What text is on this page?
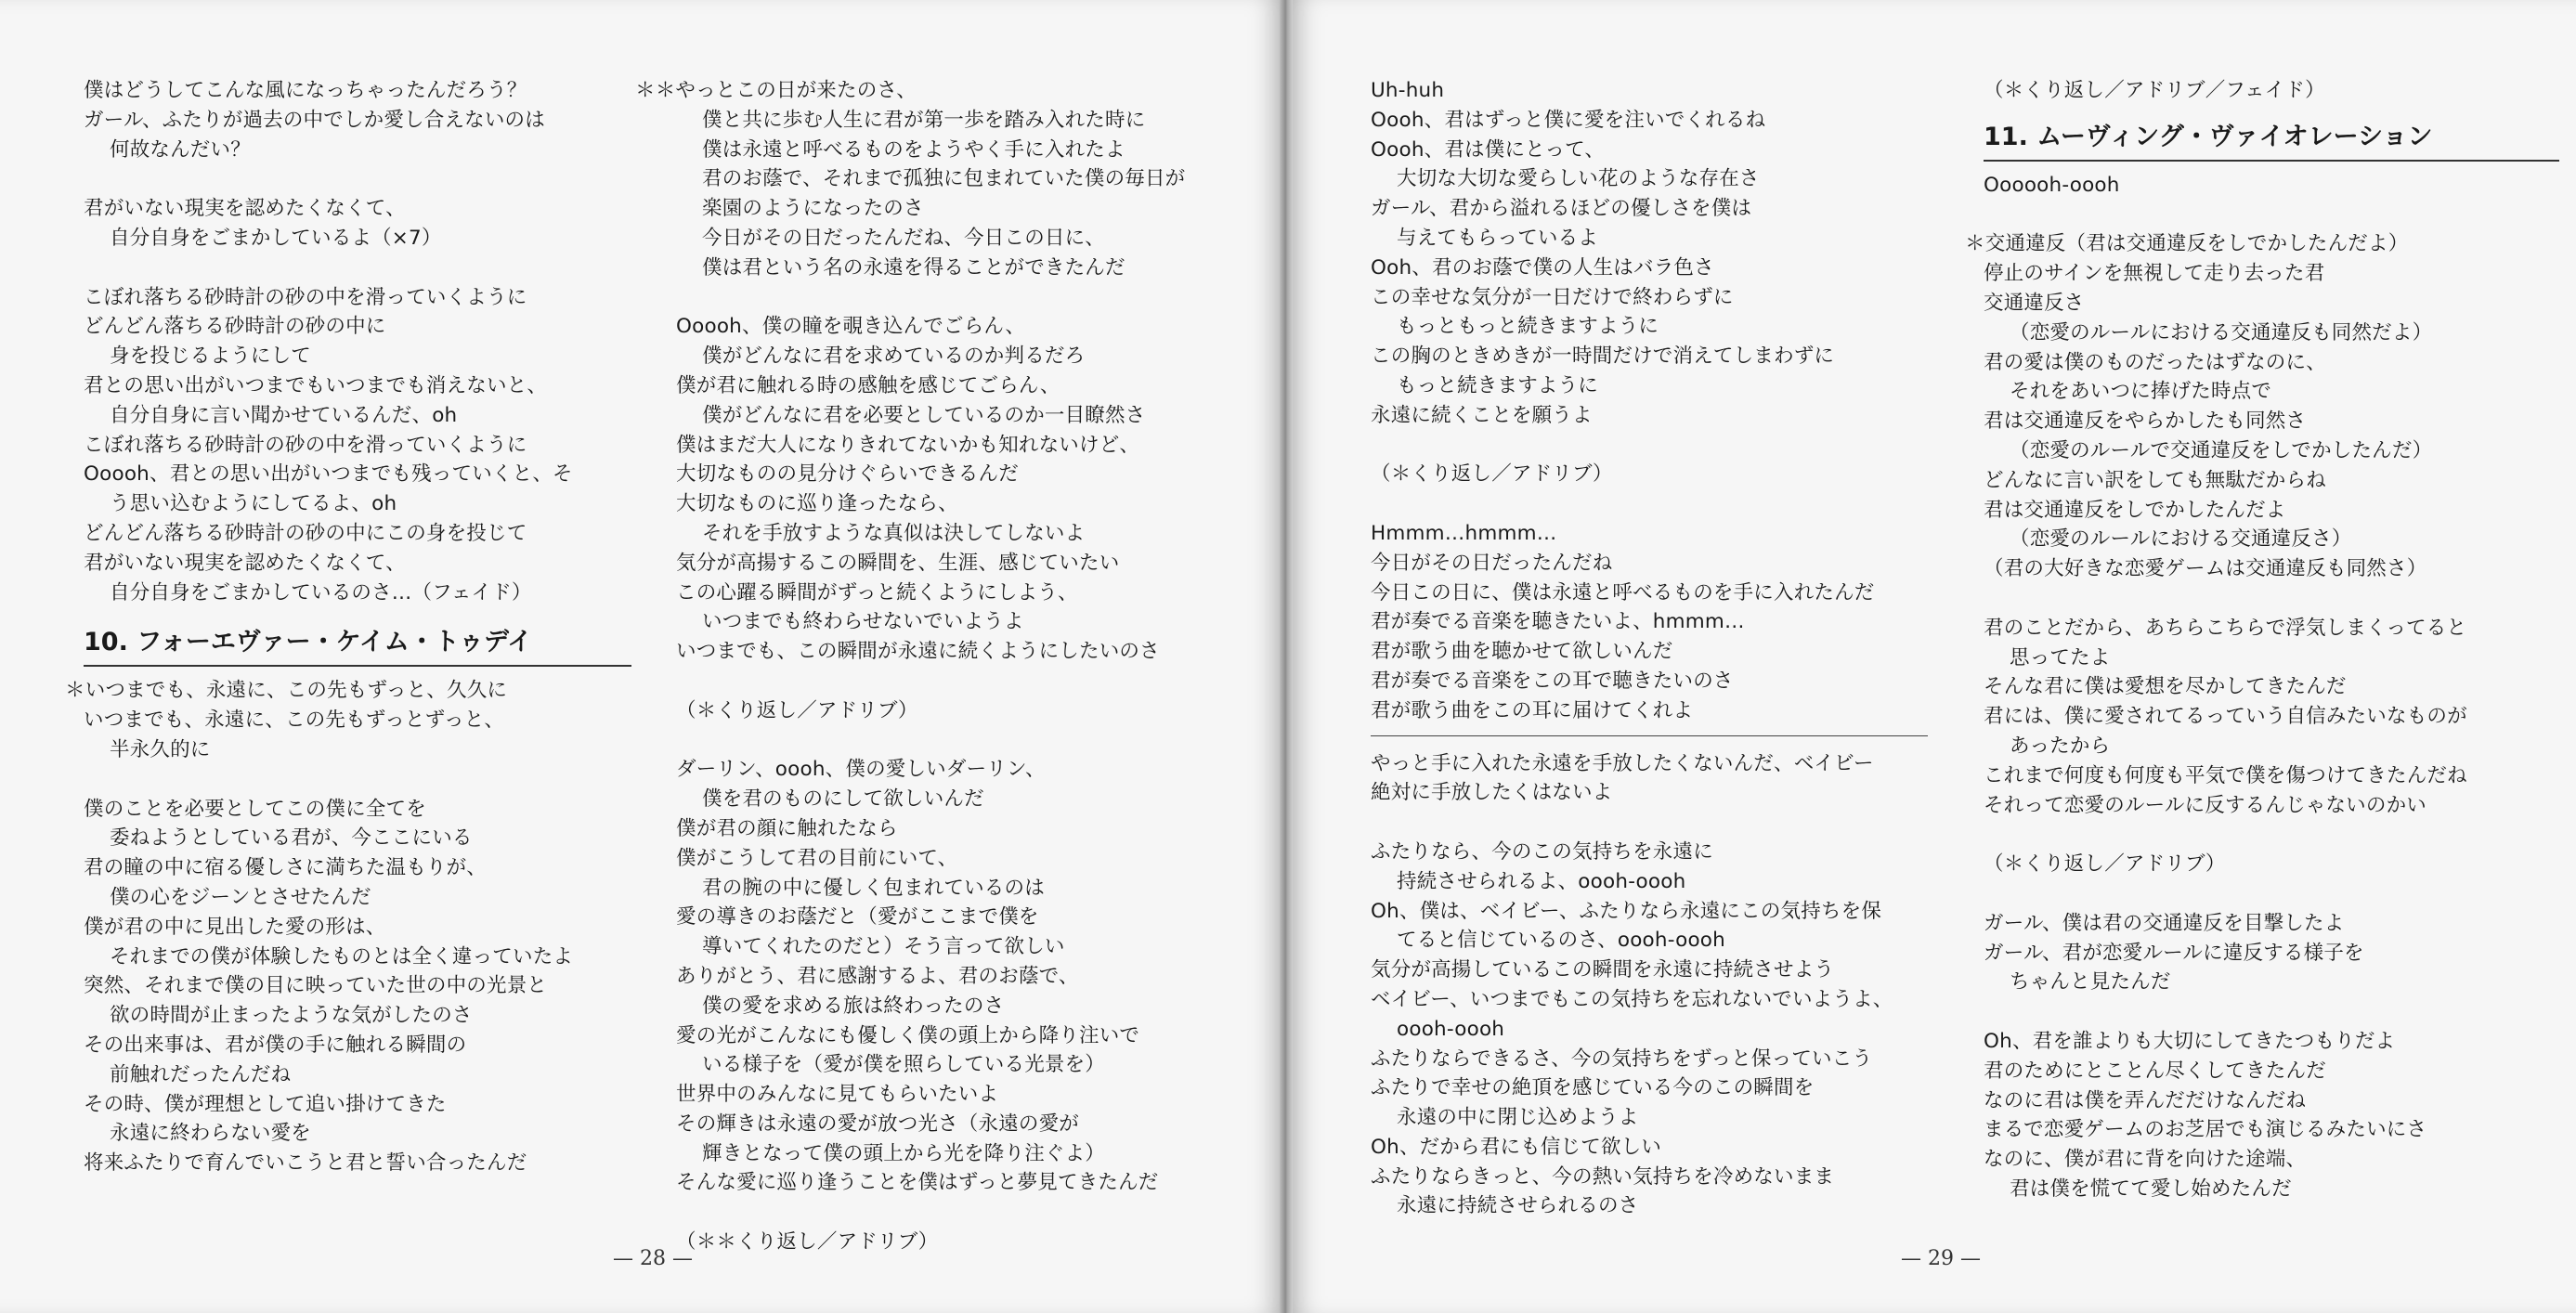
僕はどうしてこんな風になっちゃったんだろう？
ガール、ふたりが過去の中でしか愛し合えないのは
何故なんだい？
君がいない現実を認めたくなくて、
自分自身をごまかしているよ（×7）
こぼれ落ちる砂時計の砂の中を滑っていくように
どんどん落ちる砂時計の砂の中に
身を投じるようにして
君との思い出がいつまでもいつまでも消えないと、
自分自身に言い聞かせているんだ、oh
こぼれ落ちる砂時計の砂の中を滑っていくように
Ooooh、君との思い出がいつまでも残っていくと、そ
う思い込むようにしてるよ、oh
どんどん落ちる砂時計の砂の中にこの身を投じて
君がいない現実を認めたくなくて、
自分自身をごまかしているのさ…（フェイド）
10. フォーエヴァー・ケイム・トゥデイ
＊いつまでも、永遠に、この先もずっと、久久に
いつまでも、永遠に、この先もずっとずっと、
半永久的に
僕のことを必要としてこの僕に全てを
委ねようとしている君が、今ここにいる
君の瞳の中に宿る優しさに満ちた温もりが、
僕の心をジーンとさせたんだ
僕が君の中に見出した愛の形は、
それまでの僕が体験したものとは全く違っていたよ
突然、それまで僕の目に映っていた世の中の光景と
欲の時間が止まったような気がしたのさ
その出来事は、君が僕の手に触れる瞬間の
前触れだったんだね
その時、僕が理想として追い掛けてきた
永遠に終わらない愛を
将来ふたりで育んでいこうと君と誓い合ったんだ
＊＊やっとこの日が来たのさ、
僕と共に歩む人生に君が第一歩を踏み入れた時に
僕は永遠と呼べるものをようやく手に入れたよ
君のお蔭で、それまで孤独に包まれていた僕の毎日が
楽園のようになったのさ
今日がその日だったんだね、今日この日に、
僕は君という名の永遠を得ることができたんだ
Ooooh、僕の瞳を覗き込んでごらん、
僕がどんなに君を求めているのか判るだろ
僕が君に触れる時の感触を感じてごらん、
僕がどんなに君を必要としているのか一目瞭然さ
僕はまだ大人になりきれてないかも知れないけど、
大切なものの見分けぐらいできるんだ
大切なものに巡り逢ったなら、
それを手放すような真似は決してしないよ
気分が高揚するこの瞬間を、生涯、感じていたい
この心躍る瞬間がずっと続くようにしよう、
いつまでも終わらせないでいようよ
いつまでも、この瞬間が永遠に続くようにしたいのさ
（＊くり返し／アドリブ）
ダーリン、oooh、僕の愛しいダーリン、
僕を君のものにして欲しいんだ
僕が君の顔に触れたなら
僕がこうして君の目前にいて、
君の腕の中に優しく包まれているのは
愛の導きのお蔭だと（愛がここまで僕を
導いてくれたのだと）そう言って欲しい
ありがとう、君に感謝するよ、君のお蔭で、
僕の愛を求める旅は終わったのさ
愛の光がこんなにも優しく僕の頭上から降り注いで
いる様子を（愛が僕を照らしている光景を）
世界中のみんなに見てもらいたいよ
その輝きは永遠の愛が放つ光さ（永遠の愛が
輝きとなって僕の頭上から光を降り注ぐよ）
そんな愛に巡り逢うことを僕はずっと夢見てきたんだ
（＊＊くり返し／アドリブ）
— 28 —
Uh-huh
Oooh、君はずっと僕に愛を注いでくれるね
Oooh、君は僕にとって、
大切な大切な愛らしい花のような存在さ
ガール、君から溢れるほどの優しさを僕は
与えてもらっているよ
Ooh、君のお蔭で僕の人生はバラ色さ
この幸せな気分が一日だけで終わらずに
もっともっと続きますように
この胸のときめきが一時間だけで消えてしまわずに
もっと続きますように
永遠に続くことを願うよ
（＊くり返し／アドリブ）
Hmmm…hmmm…
今日がその日だったんだね
今日この日に、僕は永遠と呼べるものを手に入れたんだ
君が奏でる音楽を聴きたいよ、hmmm…
君が歌う曲を聴かせて欲しいんだ
君が奏でる音楽をこの耳で聴きたいのさ
君が歌う曲をこの耳に届けてくれよ
やっと手に入れた永遠を手放したくないんだ、ベイビー
絶対に手放したくはないよ
ふたりなら、今のこの気持ちを永遠に
持続させられるよ、oooh-oooh
Oh、僕は、ベイビー、ふたりなら永遠にこの気持ちを保
てると信じているのさ、oooh-oooh
気分が高揚しているこの瞬間を永遠に持続させよう
ベイビー、いつまでもこの気持ちを忘れないでいようよ、
oooh-oooh
ふたりならできるさ、今の気持ちをずっと保っていこう
ふたりで幸せの絶頂を感じている今のこの瞬間を
永遠の中に閉じ込めようよ
Oh、だから君にも信じて欲しい
ふたりならきっと、今の熱い気持ちを冷めないまま
永遠に持続させられるのさ
（＊くり返し／アドリブ／フェイド）
11. ムーヴィング・ヴァイオレーション
Oooooh-oooh
＊交通違反（君は交通違反をしでかしたんだよ）
停止のサインを無視して走り去った君
交通違反さ
（恋愛のルールにおける交通違反も同然だよ）
君の愛は僕のものだったはずなのに、
それをあいつに捧げた時点で
君は交通違反をやらかしたも同然さ
（恋愛のルールで交通違反をしでかしたんだ）
どんなに言い訳をしても無駄だからね
君は交通違反をしでかしたんだよ
（恋愛のルールにおける交通違反さ）
（君の大好きな恋愛ゲームは交通違反も同然さ）
君のことだから、あちらこちらで浮気しまくってると
思ってたよ
そんな君に僕は愛想を尽かしてきたんだ
君には、僕に愛されてるっていう自信みたいなものが
あったから
これまで何度も何度も平気で僕を傷つけてきたんだね
それって恋愛のルールに反するんじゃないのかい
（＊くり返し／アドリブ）
ガール、僕は君の交通違反を目撃したよ
ガール、君が恋愛ルールに違反する様子を
ちゃんと見たんだ
Oh、君を誰よりも大切にしてきたつもりだよ
君のためにとことん尽くしてきたんだ
なのに君は僕を弄んだだけなんだね
まるで恋愛ゲームのお芝居でも演じるみたいにさ
なのに、僕が君に背を向けた途端、
君は僕を慌てて愛し始めたんだ
— 29 —
